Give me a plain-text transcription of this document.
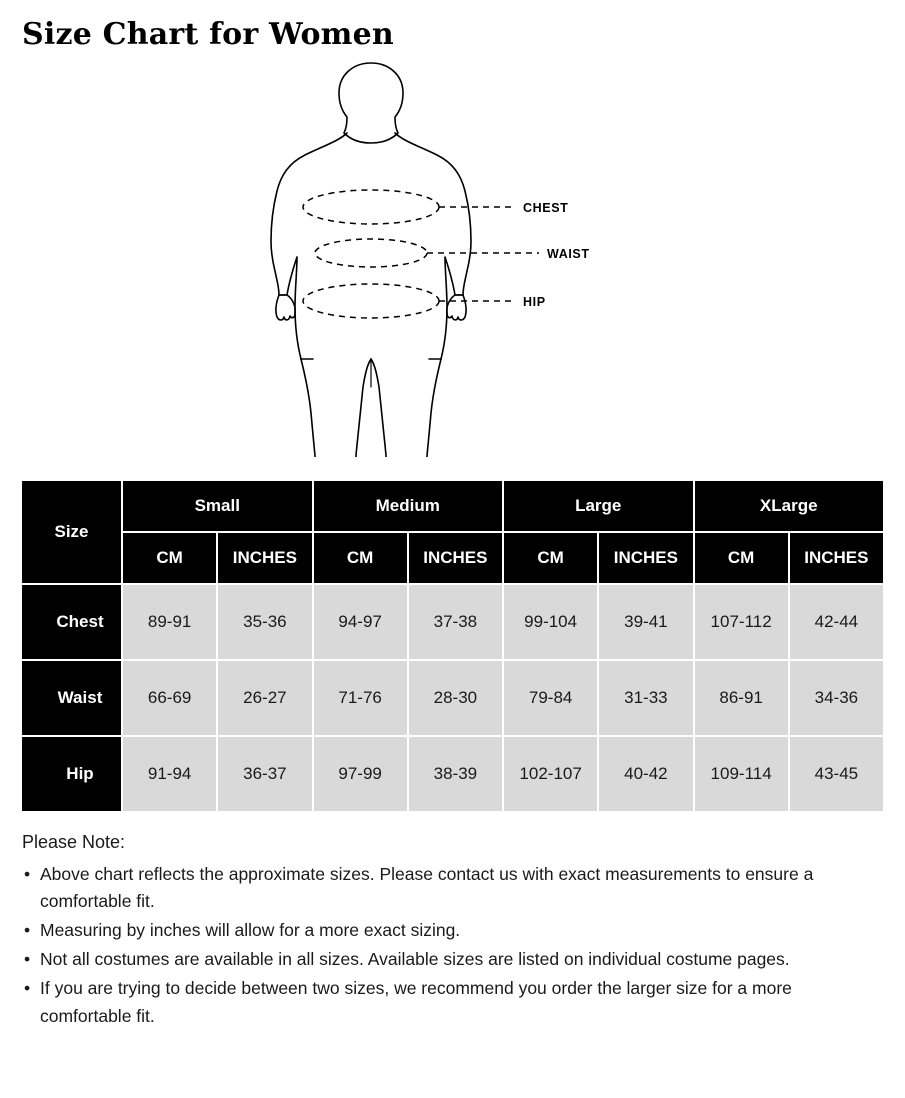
Size Chart for Women
CHEST
WAIST
HIP
Size	Small		Medium		Large		XLarge	
	CM	INCHES	CM	INCHES	CM	INCHES	CM	INCHES
Chest	89-91	35-36	94-97	37-38	99-104	39-41	107-112	42-44
Waist	66-69	26-27	71-76	28-30	79-84	31-33	86-91	34-36
Hip	91-94	36-37	97-99	38-39	102-107	40-42	109-114	43-45
Please Note:
• Above chart reflects the approximate sizes. Please contact us with exact measurements to ensure a comfortable fit.
• Measuring by inches will allow for a more exact sizing.
• Not all costumes are available in all sizes. Available sizes are listed on individual costume pages.
• If you are trying to decide between two sizes, we recommend you order the larger size for a more comfortable fit.
